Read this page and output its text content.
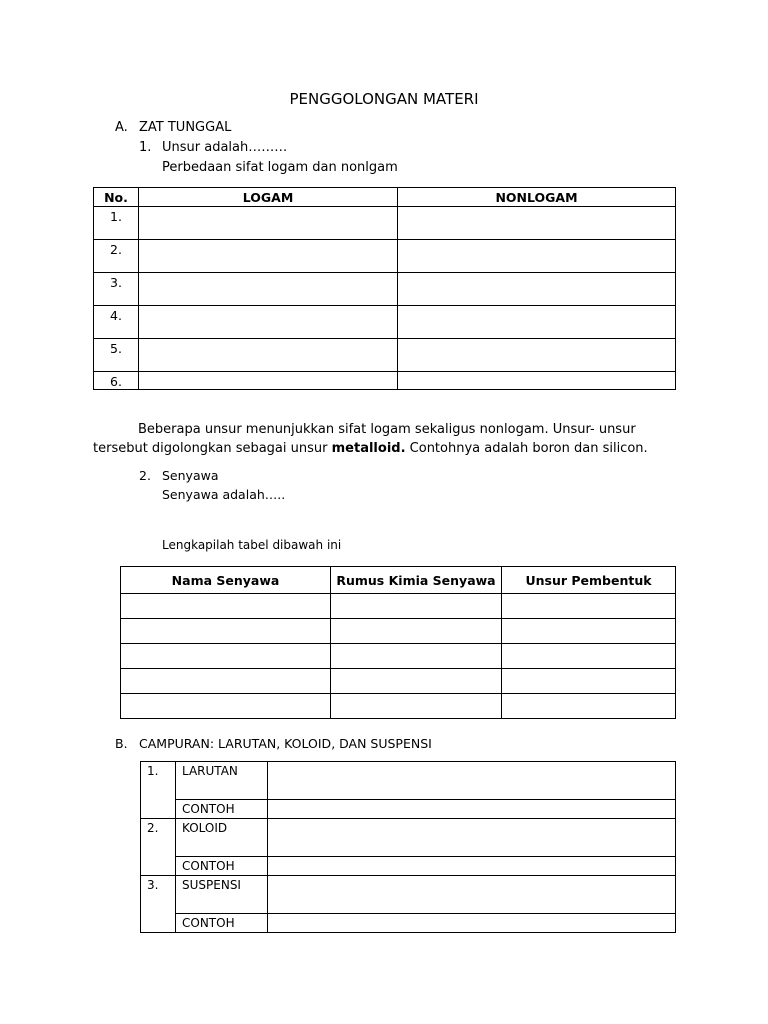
PENGGOLONGAN MATERI
A. ZAT TUNGGAL
1. Unsur adalah………
Perbedaan sifat logam dan nonlgam
No.	LOGAM	NONLOGAM
1.		
2.		
3.		
4.		
5.		
6.		
Beberapa unsur menunjukkan sifat logam sekaligus nonlogam. Unsur- unsur tersebut digolongkan sebagai unsur metalloid. Contohnya adalah boron dan silicon.
2. Senyawa
Senyawa adalah…..
Lengkapilah tabel dibawah ini
Nama Senyawa	Rumus Kimia Senyawa	Unsur Pembentuk

B. CAMPURAN: LARUTAN, KOLOID, DAN SUSPENSI
1.	LARUTAN	
	CONTOH	
2.	KOLOID	
	CONTOH	
3.	SUSPENSI	
	CONTOH	
